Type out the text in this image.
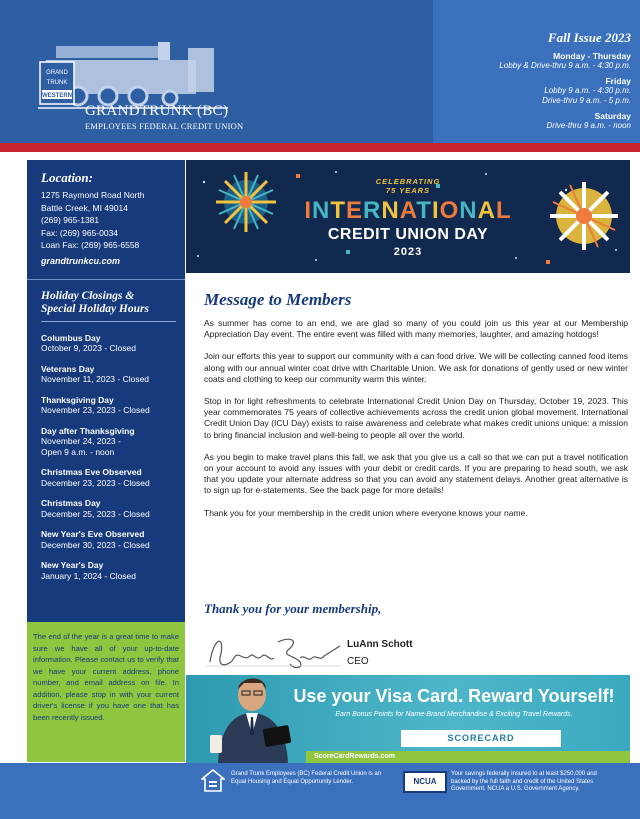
GRAND
TRUNK
WESTERN
GRANDTRUNK (BC)
EMPLOYEES FEDERAL CREDIT UNION
Fall Issue 2023
Monday - Thursday
Lobby & Drive-thru 9 a.m. - 4:30 p.m.
Friday
Lobby 9 a.m. - 4:30 p.m.
Drive-thru 9 a.m. - 5 p.m.
Saturday
Drive-thru 9 a.m. - noon
Location:
1275 Raymond Road North
Battle Creek, MI 49014
(269) 965-1381
Fax: (269) 965-0034
Loan Fax: (269) 965-6558
grandtrunkcu.com
Holiday Closings &
Special Holiday Hours
Columbus Day
October 9, 2023 - Closed
Veterans Day
November 11, 2023 - Closed
Thanksgiving Day
November 23, 2023 - Closed
Day after Thanksgiving
November 24, 2023 -
Open 9 a.m. - noon
Christmas Eve Observed
December 23, 2023 - Closed
Christmas Day
December 25, 2023 - Closed
New Year's Eve Observed
December 30, 2023 - Closed
New Year's Day
January 1, 2024 - Closed
The end of the year is a great time to make sure we have all of your up-to-date information. Please contact us to verify that we have your current address, phone number, and email address on file. In addition, please stop in with your current driver's license if you have one that has been recently issued.
CELEBRATING
75 YEARS
INTERNATIONAL
CREDIT UNION DAY
2023
Message to Members

As summer has come to an end, we are glad so many of you could join us this year at our Membership Appreciation Day event. The entire event was filled with many memories, laughter, and amazing hotdogs!

Join our efforts this year to support our community with a can food drive. We will be collecting canned food items along with our annual winter coat drive with Charitable Union. We ask for donations of gently used or new winter coats and clothing to keep our community warm this winter.

Stop in for light refreshments to celebrate International Credit Union Day on Thursday, October 19, 2023. This year commemorates 75 years of collective achievements across the credit union global movement. International Credit Union Day (ICU Day) exists to raise awareness and celebrate what makes credit unions unique: a mission to bring financial inclusion and well-being to people all over the world.

As you begin to make travel plans this fall, we ask that you give us a call so that we can put a travel notification on your account to avoid any issues with your debit or credit cards. If you are preparing to head south, we ask that you update your alternate address so that you can avoid any statement delays. Another great alternative is to sign up for e-statements. See the back page for more details!

Thank you for your membership in the credit union where everyone knows your name.

Thank you for your membership,
LuAnn Schott
CEO
Use your Visa Card. Reward Yourself!
Earn Bonus Points for Name-Brand Merchandise & Exciting Travel Rewards.
SCORECARD
ScoreCardRewards.com
Grand Trunk Employees (BC) Federal Credit Union is an Equal Housing and Equal Opportunity Lender.	NCUA
Your savings federally insured to at least $250,000 and backed by the full faith and credit of the United States Government. NCUA a U.S. Government Agency.
